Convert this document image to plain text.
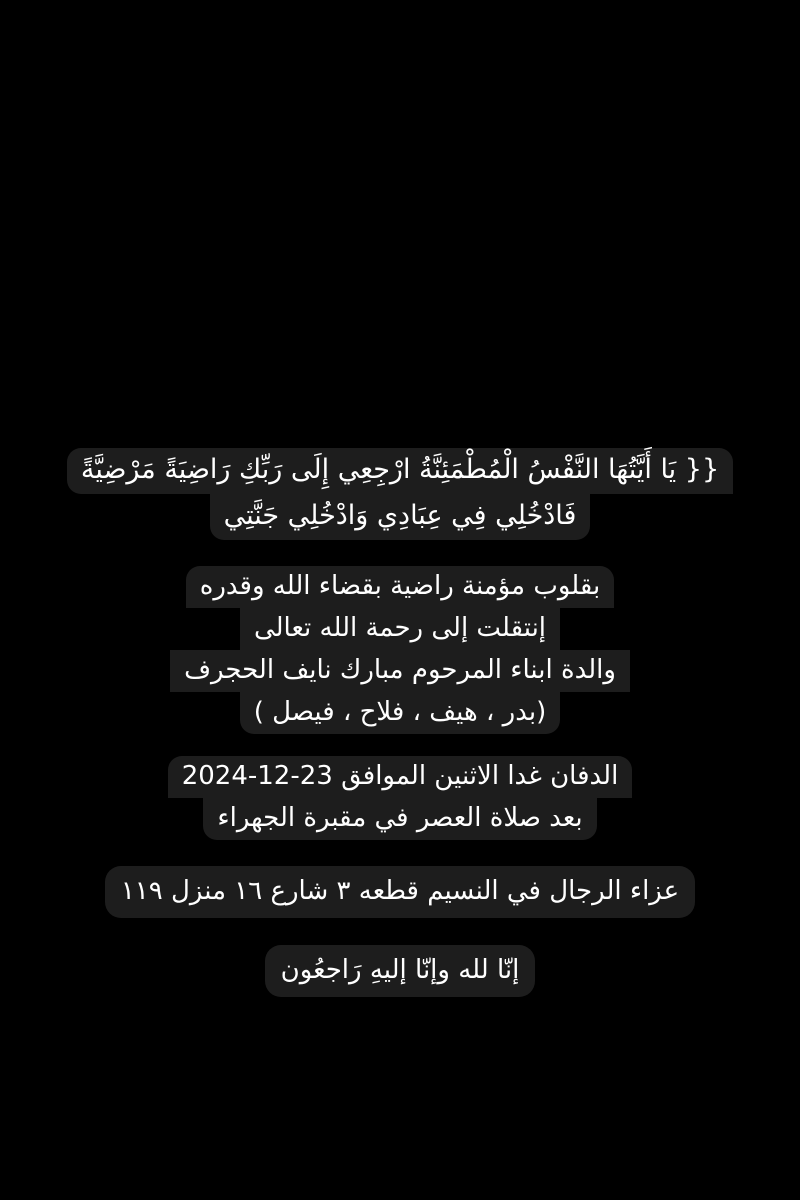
{{ يَا أَيَّتُهَا النَّفْسُ الْمُطْمَئِنَّةُ ارْجِعِي إِلَى رَبِّكِ رَاضِيَةً مَرْضِيَّةً
فَادْخُلِي فِي عِبَادِي وَادْخُلِي جَنَّتِي
بقلوب مؤمنة راضية بقضاء الله وقدره
إنتقلت إلى رحمة الله تعالى
والدة ابناء المرحوم مبارك نايف الحجرف
(بدر ، هيف ، فلاح ، فيصل )
الدفان غدا الاثنين الموافق 23-12-2024
بعد صلاة العصر في مقبرة الجهراء
عزاء الرجال في النسيم قطعه ٣ شارع ١٦ منزل ١١٩
إنّا لله وإنّا إليهِ رَاجعُون
